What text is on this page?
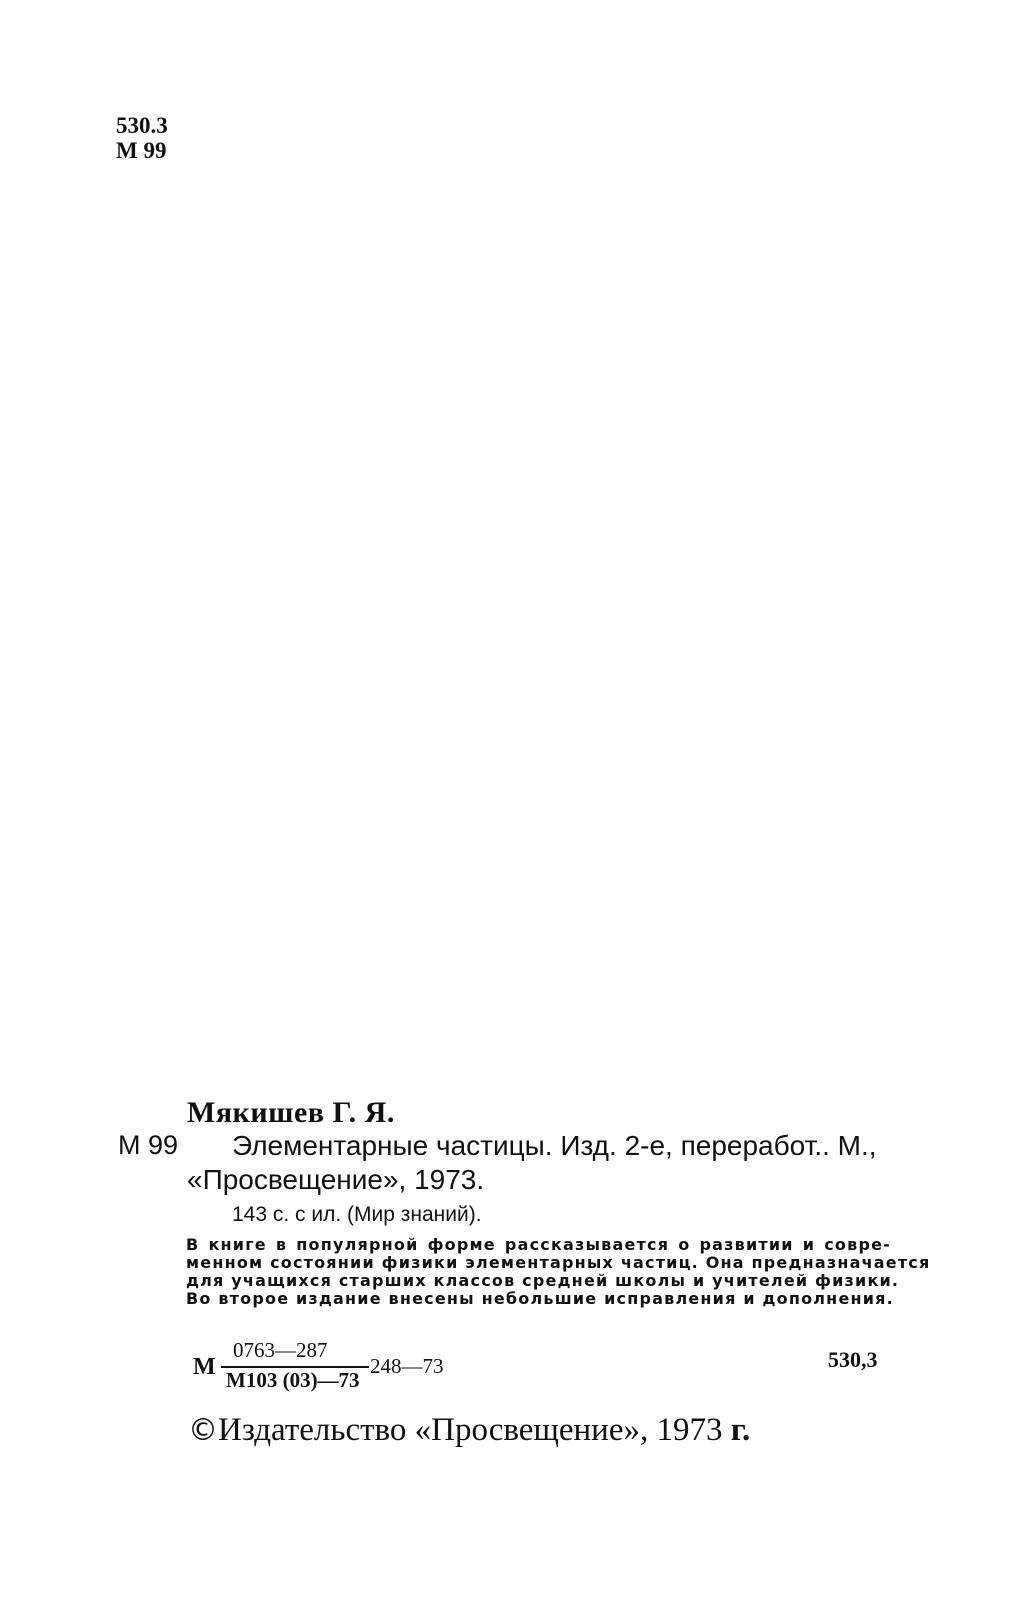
530.3
М 99
Мякишев Г. Я.
М 99 Элементарные частицы. Изд. 2-е, переработ.. М.,
«Просвещение», 1973.
143 с. с ил. (Мир знаний).
В книге в популярной форме рассказывается о развитии и совре-
менном состоянии физики элементарных частиц. Она предназначается
для учащихся старших классов средней школы и учителей физики.
Во второе издание внесены небольшие исправления и дополнения.
М
0763—287
М103 (03)—73
248—73	530,3
©Издательство «Просвещение», 1973 г.
